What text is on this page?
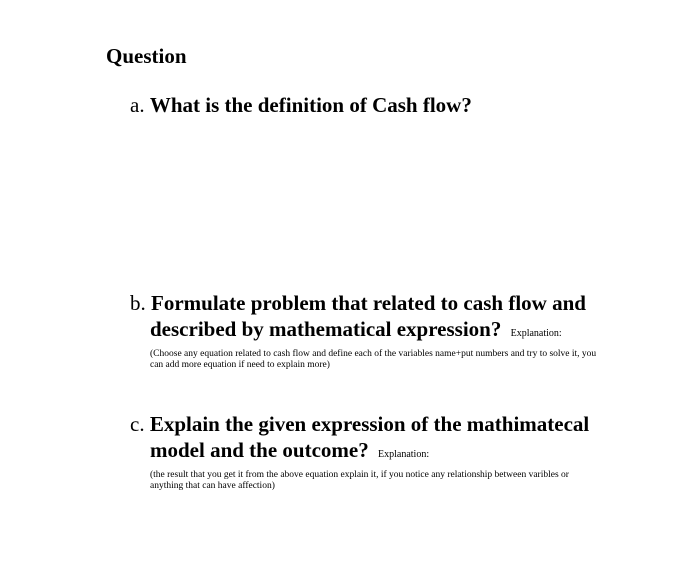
Question

a. What is the definition of Cash flow?

b. Formulate problem that related to cash flow and
described by mathematical expression? Explanation:
(Choose any equation related to cash flow and define each of the variables name+put numbers and try to solve it, you can add more equation if need to explain more)
c. Explain the given expression of the mathimatecal
model and the outcome? Explanation:
(the result that you get it from the above equation explain it, if you notice any relationship between varibles or anything that can have affection)
